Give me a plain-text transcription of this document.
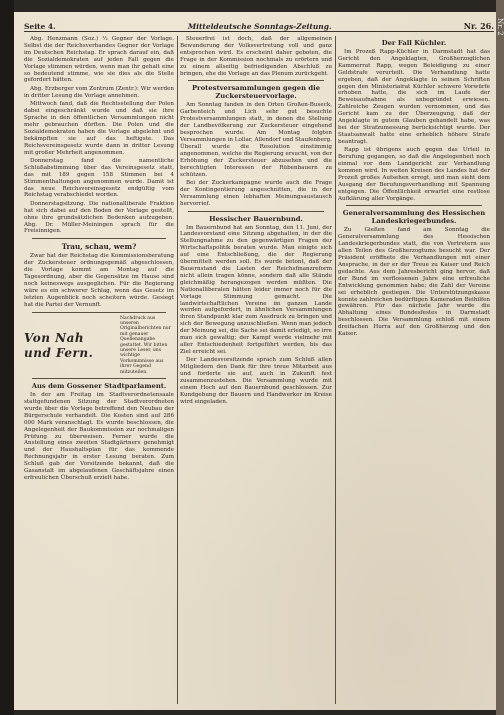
Nr. 2
Seite 4.	Mitteldeutsche Sonntags-Zeitung.	Nr. 26.

Abg. Henzmann (Soz.) ½ Gegner der Vorlage. Selbst die der Reichsverbandes Gegner der Vorlage im Deutschen Reichstag. Er sprach darauf ein, daß die Sozialdemokraten auf jeden Fall gegen die Vorlage stimmen würden, wenn man ihr gehalt eine so bedeutend stimme, wie sie dies als die Stelle gefordert hätten.

Abg. Erzberger vom Zentrum (Zentr.): Wir werden in dritter Lesung die Vorlage annehmen.

Mittwoch fand, daß die Rechtsstellung der Polen dabei eingeschränkt wurde und daß sie ihre Sprache in den öffentlichen Versammlungen nicht mehr gebrauchen dürften. Die Polen und die Sozialdemokraten haben die Vorlage abgelehnt und bekämpften sie auf das heftigste. Das Reichsvereinsgesetz wurde dann in dritter Lesung mit großer Mehrheit angenommen.

Donnerstag fand die namentliche Schlußabstimmung über das Vereinsgesetz statt, das mit 189 gegen 158 Stimmen bei 4 Stimmenthaltungen angenommen wurde. Damit ist das neue Reichsvereinsgesetz endgültig vom Reichstag verabschiedet worden.

Donnerstagsitzung. Die nationalliberale Fraktion hat sich dabei auf den Boden der Vorlage gestellt, ohne ihre grundsätzlichen Bedenken aufzugeben. Abg. Dr. Müller-Meiningen sprach für die Freisinnigen.

Trau, schau, wem?

Zwar hat der Reichstag die Kommissionsberatung der Zuckersteuer ordnungsgemäß abgeschlossen, die Vorlage kommt am Montag auf die Tagesordnung, aber die Gegensätze im Hause sind noch keineswegs ausgeglichen. Für die Regierung wäre es ein schwerer Schlag, wenn das Gesetz im letzten Augenblick noch scheitern würde. Gesiegt hat die Partei der Vernunft.

Von Nah und Fern.
Nachdruck aus unseren Originalberichten nur mit genauer Quellenangabe gestattet. Wir bitten unsere Leser, uns wichtige Vorkommnisse aus ihrer Gegend mitzuteilen.
Aus dem Gossener Stadtparlament.

In der am Freitag im Stadtverordnetensaale stattgefundenen Sitzung der Stadtverordneten wurde über die Vorlage betreffend den Neubau der Bürgerschule verhandelt. Die Kosten sind auf 286 000 Mark veranschlagt. Es wurde beschlossen, die Angelegenheit der Baukommission zur nochmaligen Prüfung zu überweisen. Ferner wurde die Anstellung eines zweiten Stadtgärtners genehmigt und der Haushaltsplan für das kommende Rechnungsjahr in erster Lesung beraten. Zum Schluß gab der Vorsitzende bekannt, daß die Gasanstalt im abgelaufenen Geschäftsjahre einen erfreulichen Überschuß erzielt habe.

Steuerfrei ist doch, daß der allgemeinen Bewunderung der Volksvertretung voll und ganz entsprochen wird. Es erscheint daher geboten, die Frage in der Kommission nochmals zu erörtern und zu einem allseitig befriedigenden Abschluß zu bringen, ehe die Vorlage an das Plenum zurückgeht.

Protestversammlungen gegen die Zuckersteuervorlage.

Am Sonntag fanden in den Orten Großen-Buseck, Garbenteich und Lich sehr gut besuchte Protestversammlungen statt, in denen die Stellung der Landbevölkerung zur Zuckersteuer eingehend besprochen wurde. Am Montag folgten Versammlungen in Lollar, Allendorf und Staufenberg. Überall wurde die Resolution einstimmig angenommen, welche die Regierung ersucht, von der Erhöhung der Zuckersteuer abzusehen und die berechtigten Interessen der Rübenbauern zu schützen.

Bei der Zuckerkampagne wurde auch die Frage der Kontingentierung angeschnitten, die in der Versammlung einen lebhaften Meinungsaustausch hervorrief.

Hessischer Bauernbund.

Im Bauernbund hat am Sonntag, den 11. Juni, der Landesvorstand eine Sitzung abgehalten, in der die Stellungnahme zu den gegenwärtigen Fragen der Wirtschaftspolitik beraten wurde. Man einigte sich auf eine Entschließung, die der Regierung übermittelt werden soll. Es wurde betont, daß der Bauernstand die Lasten der Reichsfinanzreform nicht allein tragen könne, sondern daß alle Stände gleichmäßig herangezogen werden müßten. Die Nationalliberalen hätten leider immer noch für die Vorlage Stimmung gemacht. Die landwirtschaftlichen Vereine im ganzen Lande werden aufgefordert, in ähnlichen Versammlungen ihren Standpunkt klar zum Ausdruck zu bringen und sich der Bewegung anzuschließen. Wenn man jedoch der Meinung sei, die Sache sei damit erledigt, so irre man sich gewaltig; der Kampf werde vielmehr mit aller Entschiedenheit fortgeführt werden, bis das Ziel erreicht sei.

Der Landesvorsitzende sprach zum Schluß allen Mitgliedern den Dank für ihre treue Mitarbeit aus und forderte sie auf, auch in Zukunft fest zusammenzustehen. Die Versammlung wurde mit einem Hoch auf den Bauernbund geschlossen. Zur Kundgebung der Bauern und Handwerker im Kreise wird eingeladen.

Der Fall Küchler.

Im Prozeß Rapp-Küchler in Darmstadt hat das Gericht den Angeklagten, Großherzoglichen Kammerrat Rapp, wegen Beleidigung zu einer Geldstrafe verurteilt. Die Verhandlung hatte ergeben, daß der Angeklagte in seinen Schriften gegen den Ministerialrat Küchler schwere Vorwürfe erhoben hatte, die sich im Laufe der Beweisaufnahme als unbegründet erwiesen. Zahlreiche Zeugen wurden vernommen, und das Gericht kam zu der Überzeugung, daß der Angeklagte in gutem Glauben gehandelt habe, was bei der Strafzumessung berücksichtigt wurde. Der Staatsanwalt hatte eine erheblich höhere Strafe beantragt.

Rapp ist übrigens auch gegen das Urteil in Berufung gegangen, so daß die Angelegenheit noch einmal vor dem Landgericht zur Verhandlung kommen wird. In weiten Kreisen des Landes hat der Prozeß großes Aufsehen erregt, und man sieht dem Ausgang der Berufungsverhandlung mit Spannung entgegen. Die Öffentlichkeit erwartet eine restlose Aufklärung aller Vorgänge.

Generalversammlung des Hessischen Landeskriegerbundes.

Zu Gießen fand am Sonntag die Generalversammlung des Hessischen Landeskriegerbundes statt, die von Vertretern aus allen Teilen des Großherzogtums besucht war. Der Präsident eröffnete die Verhandlungen mit einer Ansprache, in der er der Treue zu Kaiser und Reich gedachte. Aus dem Jahresbericht ging hervor, daß der Bund im verflossenen Jahre eine erfreuliche Entwicklung genommen habe; die Zahl der Vereine sei erheblich gestiegen. Die Unterstützungskasse konnte zahlreichen bedürftigen Kameraden Beihilfen gewähren. Für das nächste Jahr wurde die Abhaltung eines Bundesfestes in Darmstadt beschlossen. Die Versammlung schloß mit einem dreifachen Hurra auf den Großherzog und den Kaiser.
